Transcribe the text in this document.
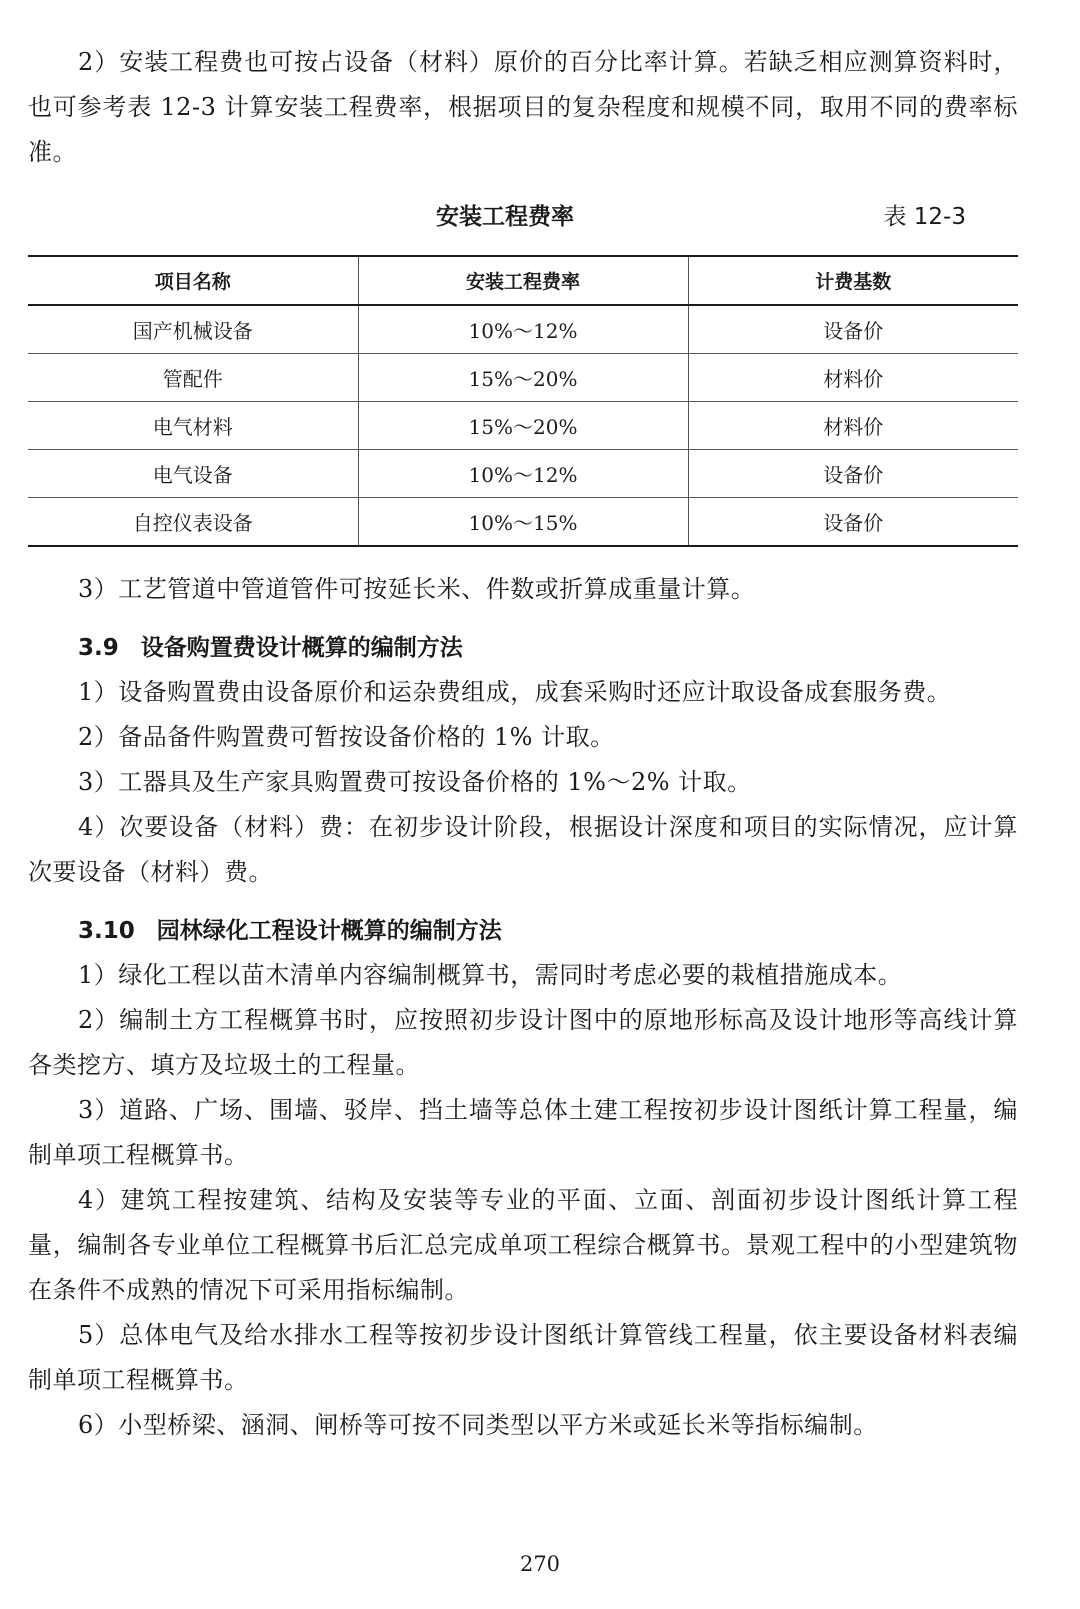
2）安装工程费也可按占设备（材料）原价的百分比率计算。若缺乏相应测算资料时，也可参考表 12-3 计算安装工程费率，根据项目的复杂程度和规模不同，取用不同的费率标准。

安装工程费率	表 12-3
项目名称	安装工程费率	计费基数
国产机械设备	10%～12%	设备价
管配件	15%～20%	材料价
电气材料	15%～20%	材料价
电气设备	10%～12%	设备价
自控仪表设备	10%～15%	设备价

3）工艺管道中管道管件可按延长米、件数或折算成重量计算。

3.9 设备购置费设计概算的编制方法

1）设备购置费由设备原价和运杂费组成，成套采购时还应计取设备成套服务费。

2）备品备件购置费可暂按设备价格的 1% 计取。

3）工器具及生产家具购置费可按设备价格的 1%～2% 计取。

4）次要设备（材料）费：在初步设计阶段，根据设计深度和项目的实际情况，应计算次要设备（材料）费。

3.10 园林绿化工程设计概算的编制方法

1）绿化工程以苗木清单内容编制概算书，需同时考虑必要的栽植措施成本。

2）编制土方工程概算书时，应按照初步设计图中的原地形标高及设计地形等高线计算各类挖方、填方及垃圾土的工程量。

3）道路、广场、围墙、驳岸、挡土墙等总体土建工程按初步设计图纸计算工程量，编制单项工程概算书。

4）建筑工程按建筑、结构及安装等专业的平面、立面、剖面初步设计图纸计算工程量，编制各专业单位工程概算书后汇总完成单项工程综合概算书。景观工程中的小型建筑物在条件不成熟的情况下可采用指标编制。

5）总体电气及给水排水工程等按初步设计图纸计算管线工程量，依主要设备材料表编制单项工程概算书。

6）小型桥梁、涵洞、闸桥等可按不同类型以平方米或延长米等指标编制。

270
